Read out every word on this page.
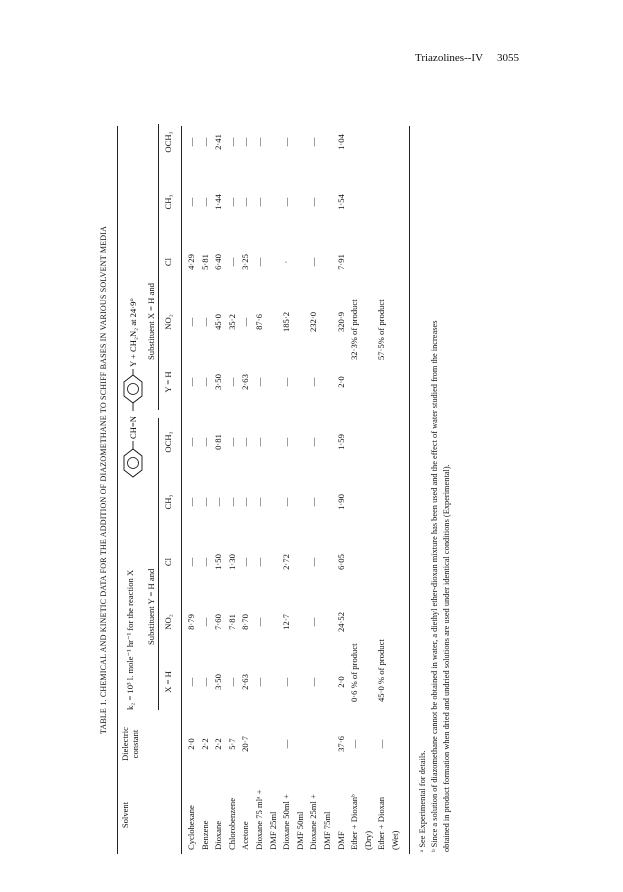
Triazolines--IV 3055
TABLE 1. CHEMICAL AND KINETIC DATA FOR THE ADDITION OF DIAZOMETHANE TO SCHIFF BASES IN VARIOUS SOLVENT MEDIA
Solvent
Dielectric constant
k₂ = 10³ l. mole⁻¹ hr⁻¹ for the reaction X
CH=N
Y + CH₂N₂ at 24·9°
Substituent Y = H and
Substituent X = H and
X = H
NO₂
Cl
CH₃
OCH₃
Y = H
NO₂
Cl
CH₃
OCH₃
Cyclohexane
2·0
—
8·79
—
—
—
—
—
4·29
—
—
Benzene
2·2
—
—
—
—
—
—
—
5·81
—
—
Dioxane
2·2
3·50
7·60
1·50
—
0·81
3·50
45·0
6·40
1·44
2·41
Chlorobenzene
5·7
—
7·81
1·30
—
—
—
35·2
—
—
—
Acetone
20·7
2·63
8·70
—
—
—
2·63
—
3·25
—
—
Dioxane 75 mlᵃ +
—
—
—
—
—
—
87·6
—
—
—
DMF 25ml Dioxane 50ml +
—
—
12·7
2·72
—
—
—
185·2
·
—
—
DMF 50ml Dioxane 25ml +
—
—
—
—
—
—
232·0
—
—
—
DMF 75ml DMF
37·6
2·0
24·52
6·05
1·90
1·59
2·0
320·9
7·91
1·54
1·04
Ether + Dioxanᵇ
—
0·6 % of product
32·3% of product
(Dry) Ether + Dioxan
—
45·0 % of product
57·5% of product
(Wet) ᵃ See Experimental for details. ᵇ Since a solution of diazomethane cannot be obtained in water, a diethyl ether-dioxan mixture has been used and the effect of water studied from the increases obtained in product formation when dried and undried solutions are used under identical conditions (Experimental).
